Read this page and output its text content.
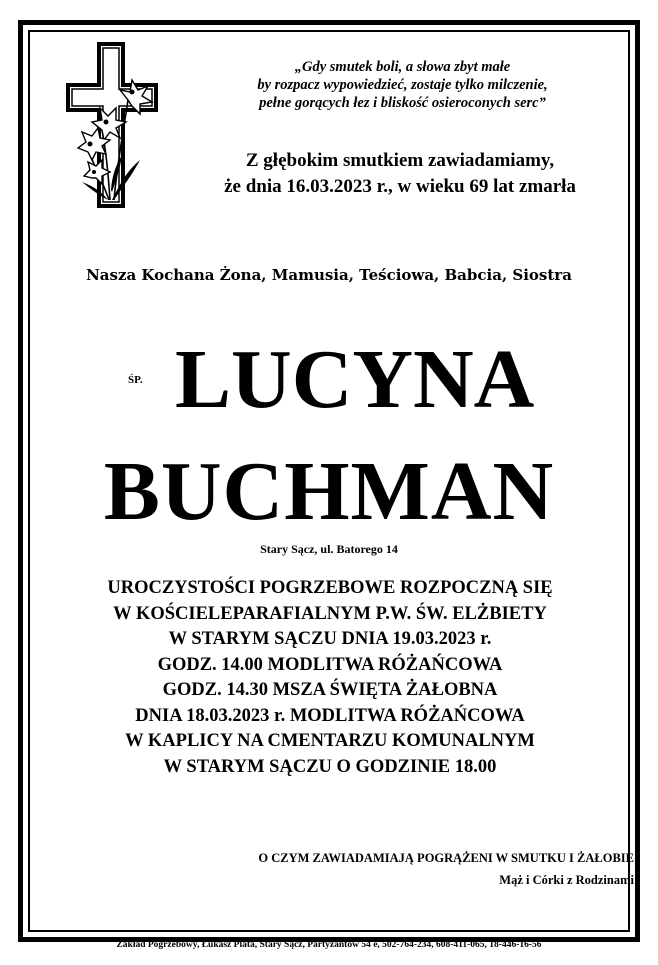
„Gdy smutek boli, a słowa zbyt małe
by rozpacz wypowiedzieć, zostaje tylko milczenie,
pełne gorących łez i bliskość osieroconych serc”
Z głębokim smutkiem zawiadamiamy,
że dnia 16.03.2023 r., w wieku 69 lat zmarła
Nasza Kochana Żona, Mamusia, Teściowa, Babcia, Siostra
ŚP. LUCYNA
BUCHMAN
Stary Sącz, ul. Batorego 14
UROCZYSTOŚCI POGRZEBOWE ROZPOCZNĄ SIĘ
W KOŚCIELEPARAFIALNYM P.W. ŚW. ELŻBIETY
W STARYM SĄCZU DNIA 19.03.2023 r.
GODZ. 14.00 MODLITWA RÓŻAŃCOWA
GODZ. 14.30 MSZA ŚWIĘTA ŻAŁOBNA
DNIA 18.03.2023 r. MODLITWA RÓŻAŃCOWA
W KAPLICY NA CMENTARZU KOMUNALNYM
W STARYM SĄCZU O GODZINIE 18.00
O CZYM ZAWIADAMIAJĄ POGRĄŻENI W SMUTKU I ŻAŁOBIE
Mąż i Córki z Rodzinami
Zakład Pogrzebowy, Łukasz Plata, Stary Sącz, Partyzantów 54 e, 502-764-234, 608-411-065, 18-446-16-56
